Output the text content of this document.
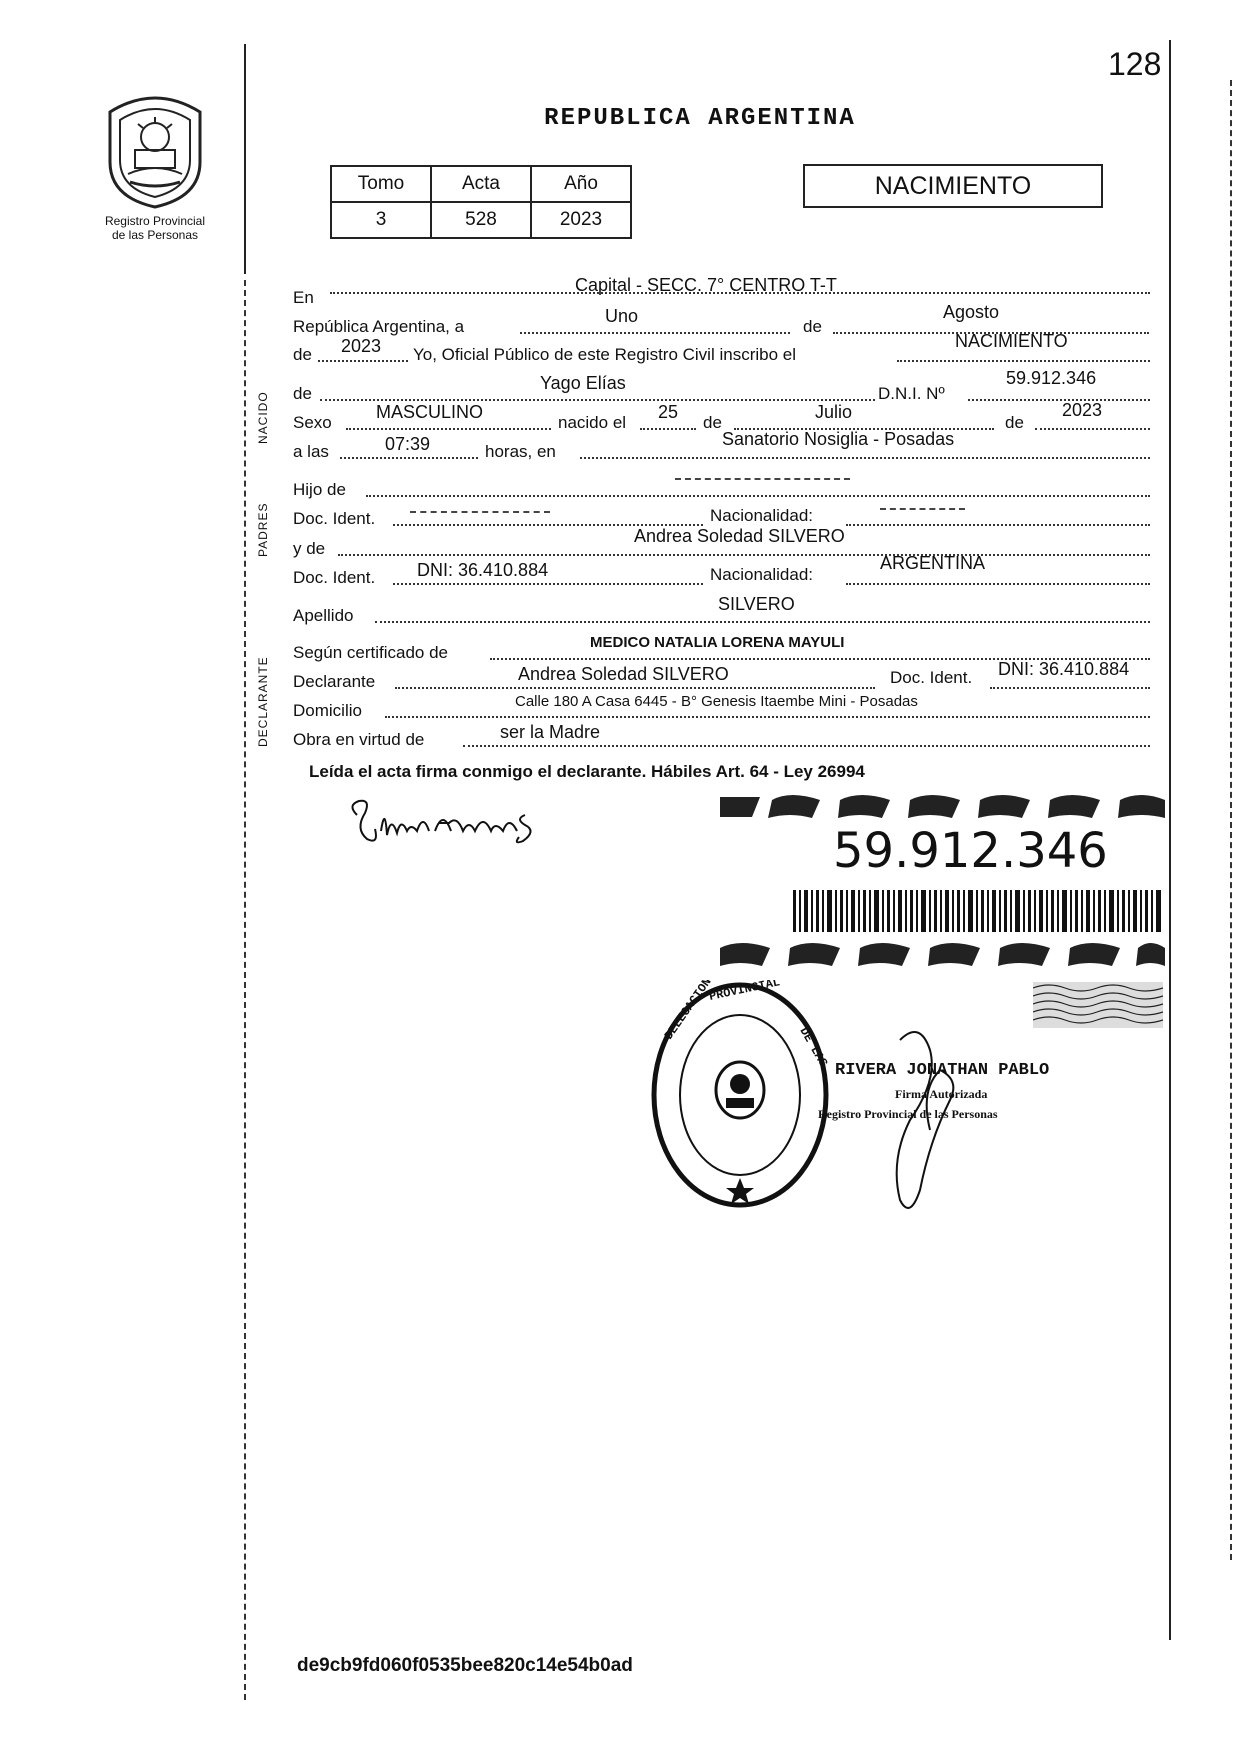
128
Registro Provincial
de las Personas
REPUBLICA ARGENTINA
Tomo	Acta	Año
3	528	2023
NACIMIENTO
NACIDO
PADRES
DECLARANTE
En
Capital - SECC. 7° CENTRO T-T
República Argentina, a
Uno
de
Agosto
de 2023 Yo, Oficial Público de este Registro Civil inscribo el
NACIMIENTO
de
Yago Elías
D.N.I. Nº
59.912.346
Sexo
MASCULINO
nacido el
25
de
Julio
de
2023
a las	07:39	horas, en
Sanatorio Nosiglia - Posadas
Hijo de
Doc. Ident.	Nacionalidad:
y de
Andrea Soledad SILVERO
Doc. Ident. DNI: 36.410.884	Nacionalidad:
ARGENTINA
Apellido
SILVERO
Según certificado de
MEDICO NATALIA LORENA MAYULI
Declarante	Andrea Soledad SILVERO	Doc. Ident. DNI: 36.410.884
Domicilio	Calle 180 A Casa 6445 - B° Genesis Itaembe Mini - Posadas
Obra en virtud de	ser la Madre
Leída el acta firma conmigo el declarante. Hábiles Art. 64 - Ley 26994
59.912.346
DELEGACION
PROVINCIAL
DE LAS
RIVERA JONATHAN PABLO
Firma Autorizada
Registro Provincial de las Personas
de9cb9fd060f0535bee820c14e54b0ad
